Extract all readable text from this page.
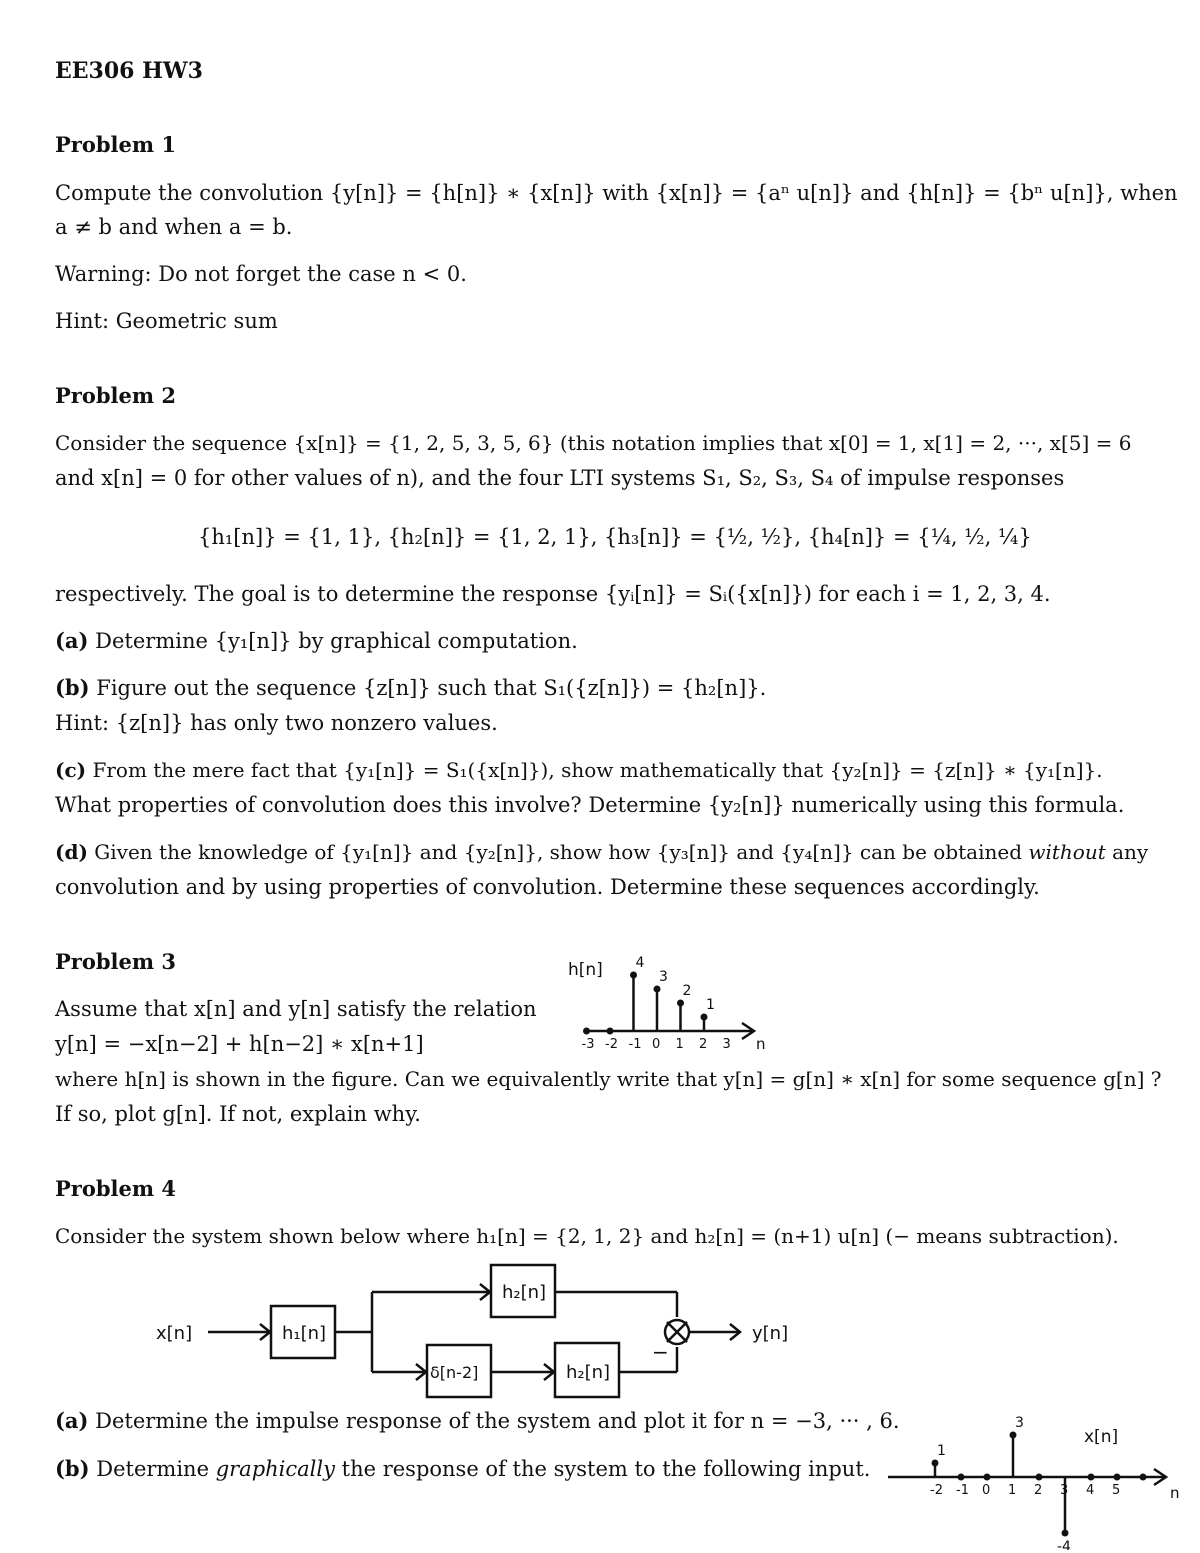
EE306 HW3
Problem 1
Compute the convolution {y[n]} = {h[n]} ∗ {x[n]} with {x[n]} = {aⁿ u[n]} and {h[n]} = {bⁿ u[n]}, when
a ≠ b and when a = b.
Warning: Do not forget the case n < 0.
Hint: Geometric sum
Problem 2
Consider the sequence {x[n]} = {1, 2, 5, 3, 5, 6} (this notation implies that x[0] = 1, x[1] = 2, ···, x[5] = 6
and x[n] = 0 for other values of n), and the four LTI systems S₁, S₂, S₃, S₄ of impulse responses
{h₁[n]} = {1, 1}, {h₂[n]} = {1, 2, 1}, {h₃[n]} = {½, ½}, {h₄[n]} = {¼, ½, ¼}
respectively. The goal is to determine the response {yᵢ[n]} = Sᵢ({x[n]}) for each i = 1, 2, 3, 4.
(a) Determine {y₁[n]} by graphical computation.
(b) Figure out the sequence {z[n]} such that S₁({z[n]}) = {h₂[n]}.
Hint: {z[n]} has only two nonzero values.
(c) From the mere fact that {y₁[n]} = S₁({x[n]}), show mathematically that {y₂[n]} = {z[n]} ∗ {y₁[n]}.
What properties of convolution does this involve? Determine {y₂[n]} numerically using this formula.
(d) Given the knowledge of {y₁[n]} and {y₂[n]}, show how {y₃[n]} and {y₄[n]} can be obtained without any
convolution and by using properties of convolution. Determine these sequences accordingly.
Problem 3
Assume that x[n] and y[n] satisfy the relation
y[n] = −x[n−2] + h[n−2] ∗ x[n+1]
where h[n] is shown in the figure. Can we equivalently write that y[n] = g[n] ∗ x[n] for some sequence g[n] ?
If so, plot g[n]. If not, explain why.
h[n]
n
4
3
2
1
-3 -2 -1 0 1 2 3
Problem 4
Consider the system shown below where h₁[n] = {2, 1, 2} and h₂[n] = (n+1) u[n] (− means subtraction).
x[n]	h₁[n]
h₂[n]
δ[n-2]	h₂[n]
−
y[n]
(a) Determine the impulse response of the system and plot it for n = −3, ··· , 6.
(b) Determine graphically the response of the system to the following input.
x[n]
n
1
3
-4
-2 -1 0 1 2 3 4 5
